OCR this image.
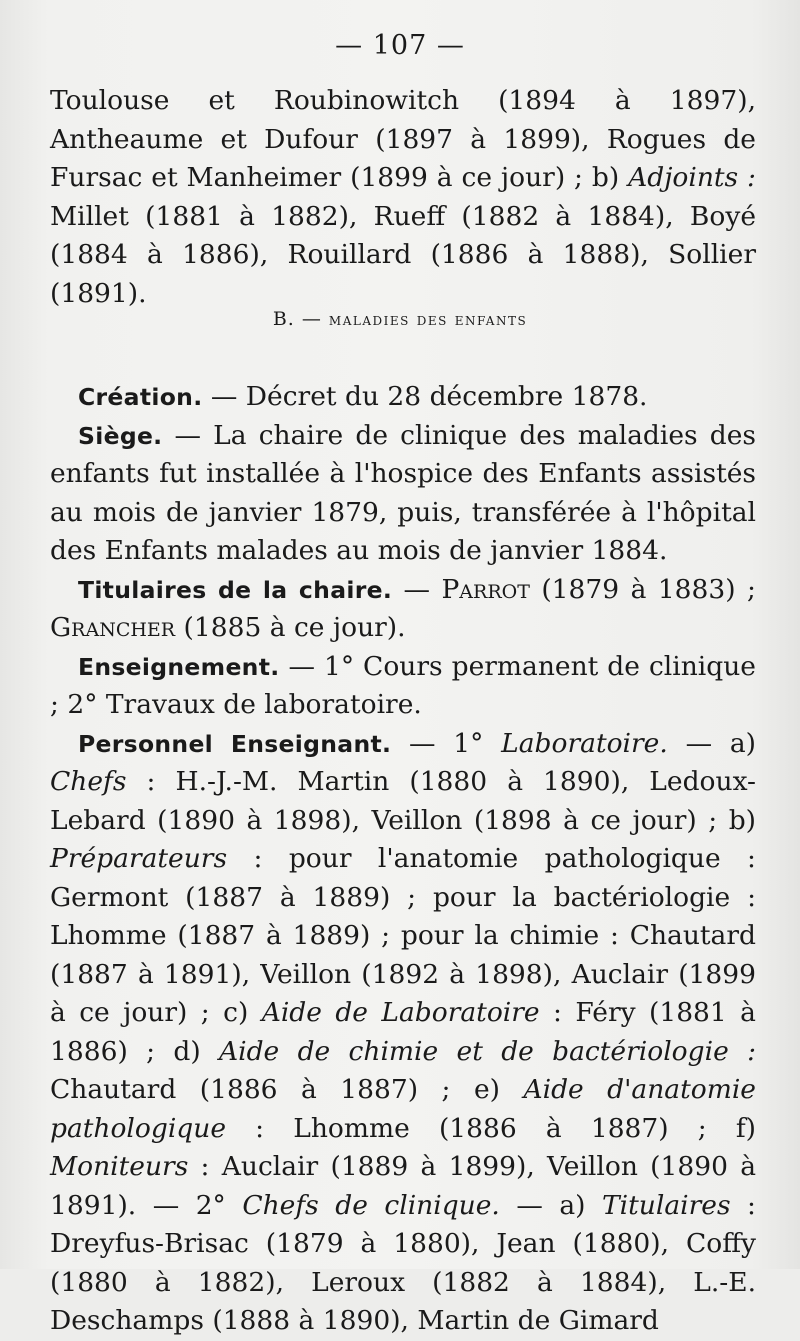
— 107 —

Toulouse et Roubinowitch (1894 à 1897), Antheaume et Dufour (1897 à 1899), Rogues de Fursac et Manheimer (1899 à ce jour) ; b) Adjoints : Millet (1881 à 1882), Rueff (1882 à 1884), Boyé (1884 à 1886), Rouillard (1886 à 1888), Sollier (1891).

B. — maladies des enfants

Création. — Décret du 28 décembre 1878.

Siège. — La chaire de clinique des maladies des enfants fut installée à l'hospice des Enfants assistés au mois de janvier 1879, puis, transférée à l'hôpital des Enfants malades au mois de janvier 1884.

Titulaires de la chaire. — Parrot (1879 à 1883) ; Grancher (1885 à ce jour).

Enseignement. — 1° Cours permanent de clinique ; 2° Travaux de laboratoire.

Personnel Enseignant. — 1° Laboratoire. — a) Chefs : H.-J.-M. Martin (1880 à 1890), Ledoux-Lebard (1890 à 1898), Veillon (1898 à ce jour) ; b) Préparateurs : pour l'anatomie pathologique : Germont (1887 à 1889) ; pour la bactériologie : Lhomme (1887 à 1889) ; pour la chimie : Chautard (1887 à 1891), Veillon (1892 à 1898), Auclair (1899 à ce jour) ; c) Aide de Laboratoire : Féry (1881 à 1886) ; d) Aide de chimie et de bactériologie : Chautard (1886 à 1887) ; e) Aide d'anatomie pathologique : Lhomme (1886 à 1887) ; f) Moniteurs : Auclair (1889 à 1899), Veillon (1890 à 1891). — 2° Chefs de clinique. — a) Titulaires : Dreyfus-Brisac (1879 à 1880), Jean (1880), Coffy (1880 à 1882), Leroux (1882 à 1884), L.-E. Deschamps (1888 à 1890), Martin de Gimard
